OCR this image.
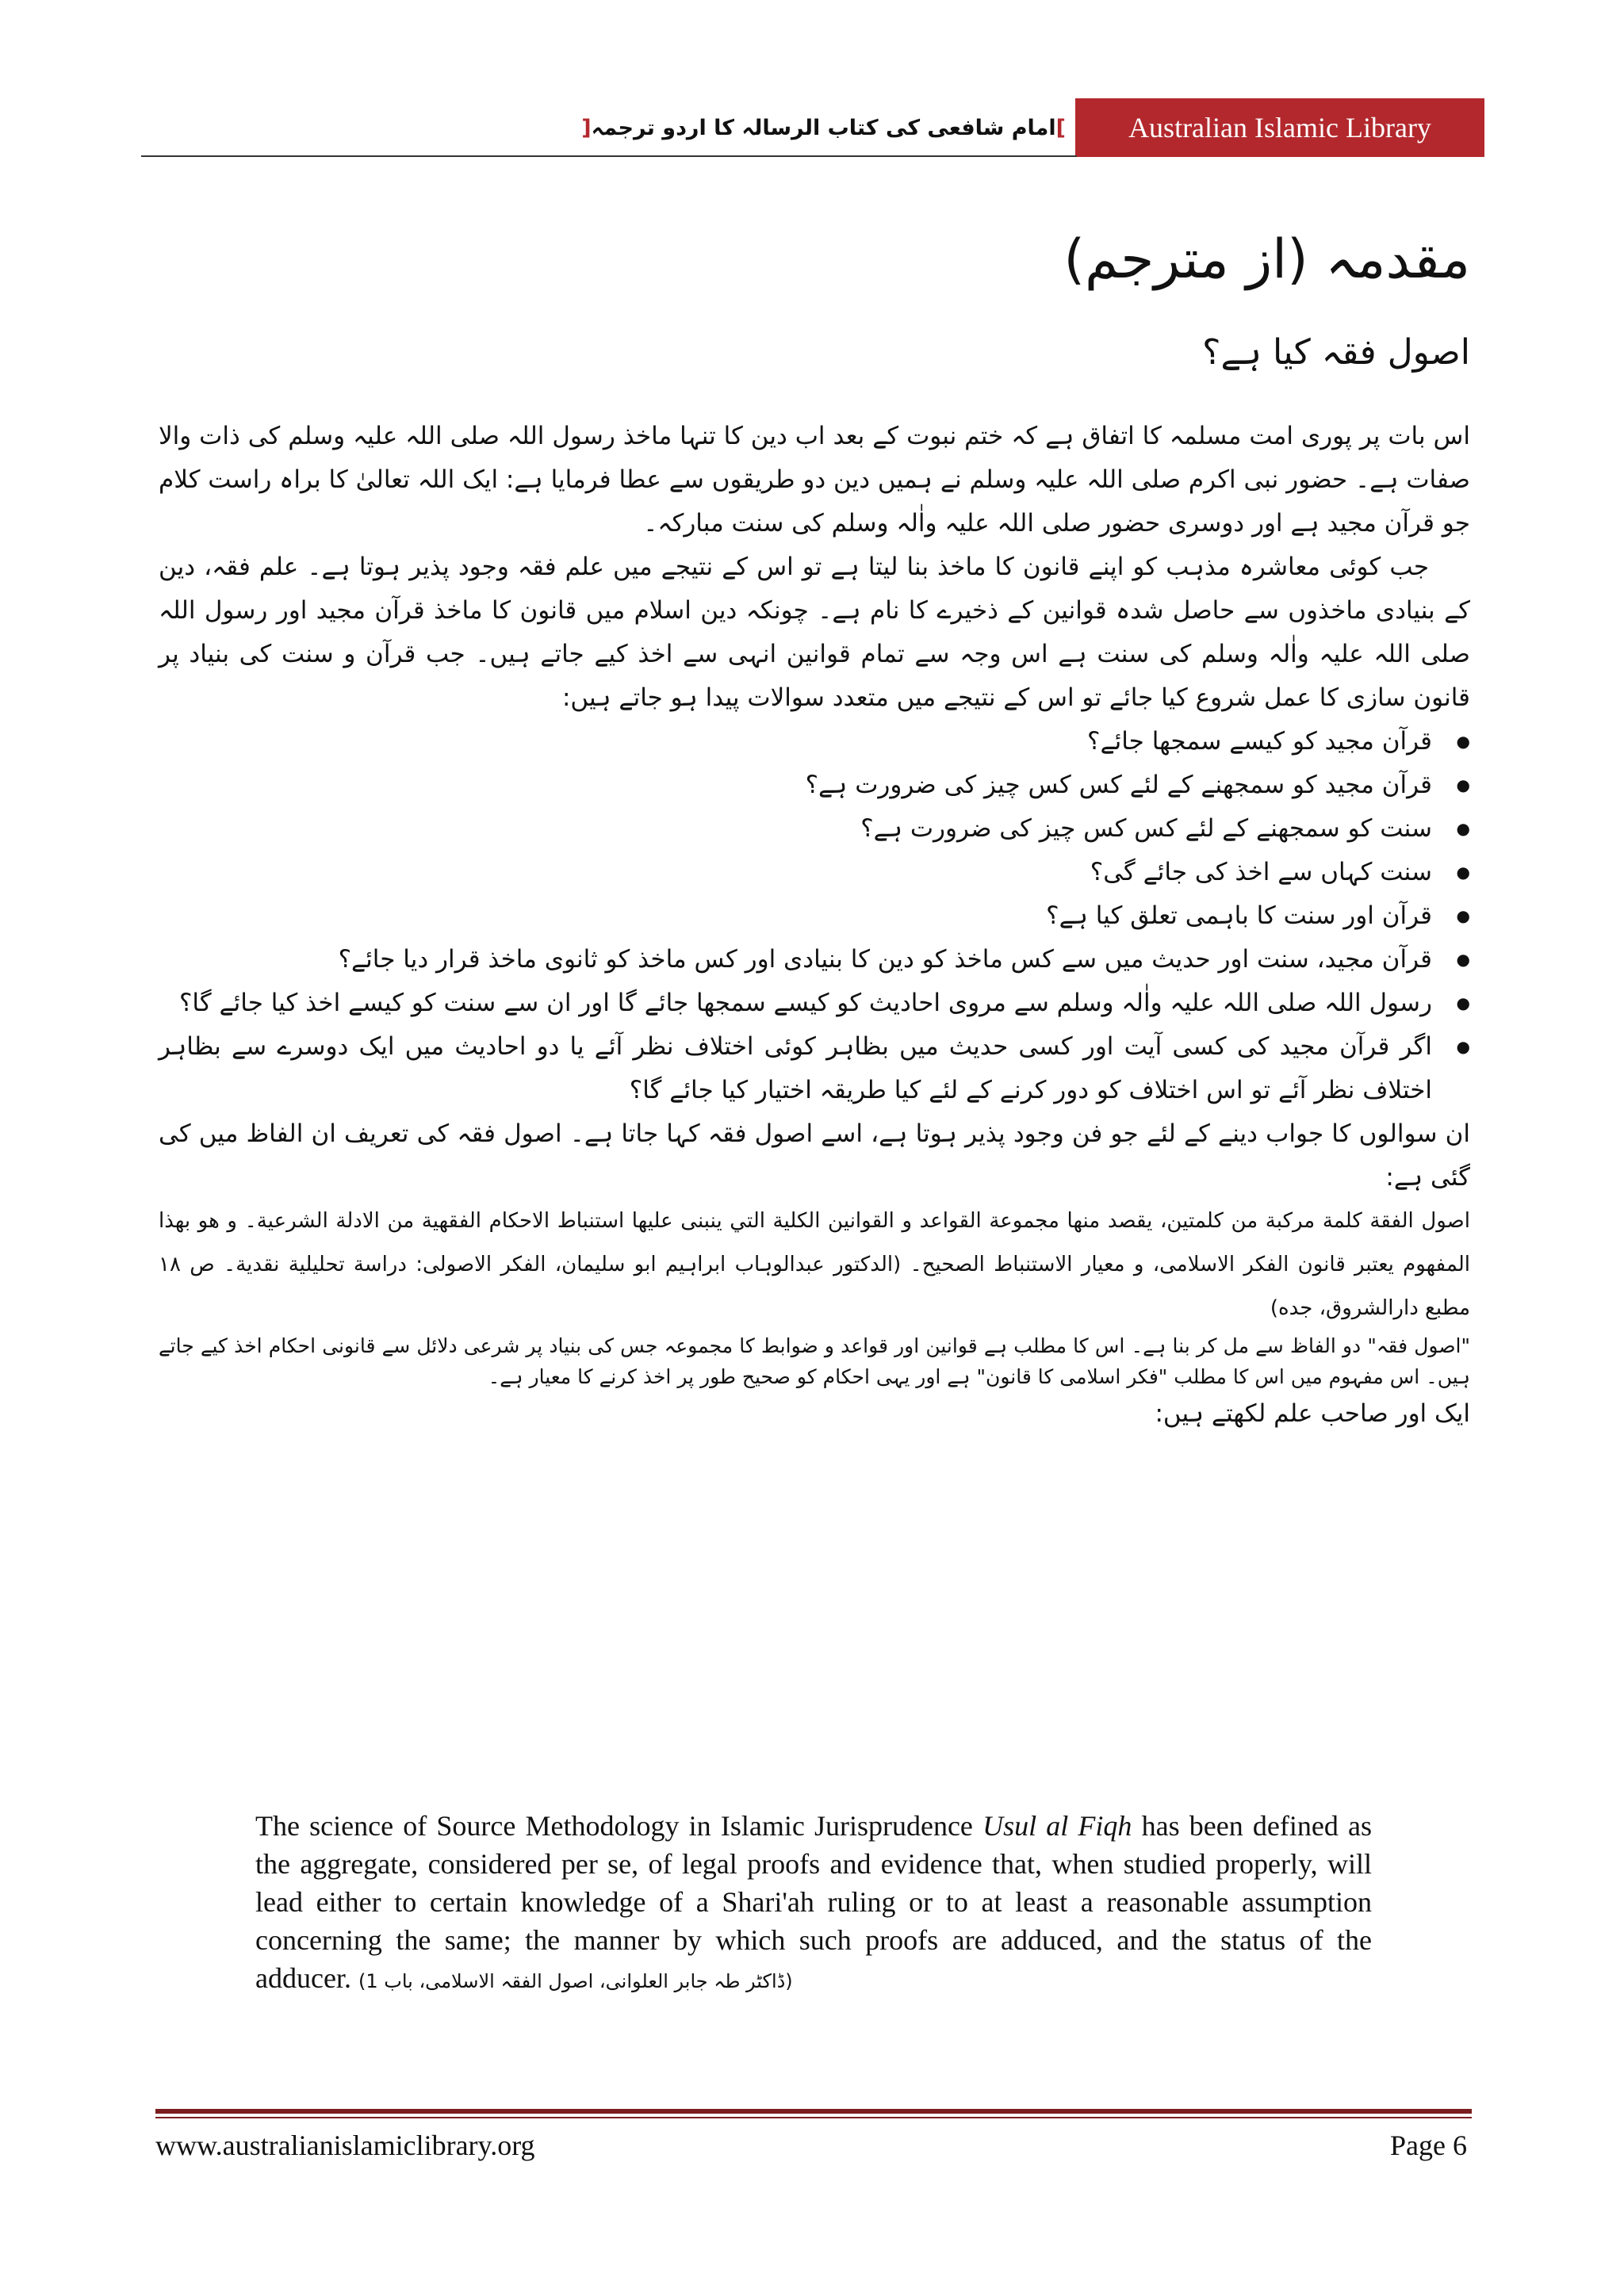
Australian Islamic Library
]
امام شافعی کی کتاب الرسالہ کا اردو ترجمہ
[
مقدمہ (از مترجم)
اصول فقہ کیا ہے؟

اس بات پر پوری امت مسلمہ کا اتفاق ہے کہ ختم نبوت کے بعد اب دین کا تنہا ماخذ رسول اللہ صلی اللہ علیہ وسلم کی ذات والا صفات ہے۔ حضور نبی اکرم صلی اللہ علیہ وسلم نے ہمیں دین دو طریقوں سے عطا فرمایا ہے: ایک اللہ تعالیٰ کا براہ راست کلام جو قرآن مجید ہے اور دوسری حضور صلی اللہ علیہ واٰلہ وسلم کی سنت مبارکہ۔

جب کوئی معاشرہ مذہب کو اپنے قانون کا ماخذ بنا لیتا ہے تو اس کے نتیجے میں علم فقہ وجود پذیر ہوتا ہے۔ علم فقہ، دین کے بنیادی ماخذوں سے حاصل شدہ قوانین کے ذخیرے کا نام ہے۔ چونکہ دین اسلام میں قانون کا ماخذ قرآن مجید اور رسول اللہ صلی اللہ علیہ واٰلہ وسلم کی سنت ہے اس وجہ سے تمام قوانین انہی سے اخذ کیے جاتے ہیں۔ جب قرآن و سنت کی بنیاد پر قانون سازی کا عمل شروع کیا جائے تو اس کے نتیجے میں متعدد سوالات پیدا ہو جاتے ہیں:

● قرآن مجید کو کیسے سمجھا جائے؟
● قرآن مجید کو سمجھنے کے لئے کس کس چیز کی ضرورت ہے؟
● سنت کو سمجھنے کے لئے کس کس چیز کی ضرورت ہے؟
● سنت کہاں سے اخذ کی جائے گی؟
● قرآن اور سنت کا باہمی تعلق کیا ہے؟
● قرآن مجید، سنت اور حدیث میں سے کس ماخذ کو دین کا بنیادی اور کس ماخذ کو ثانوی ماخذ قرار دیا جائے؟
● رسول اللہ صلی اللہ علیہ واٰلہ وسلم سے مروی احادیث کو کیسے سمجھا جائے گا اور ان سے سنت کو کیسے اخذ کیا جائے گا؟
● اگر قرآن مجید کی کسی آیت اور کسی حدیث میں بظاہر کوئی اختلاف نظر آئے یا دو احادیث میں ایک دوسرے سے بظاہر اختلاف نظر آئے تو اس اختلاف کو دور کرنے کے لئے کیا طریقہ اختیار کیا جائے گا؟

ان سوالوں کا جواب دینے کے لئے جو فن وجود پذیر ہوتا ہے، اسے اصول فقہ کہا جاتا ہے۔ اصول فقہ کی تعریف ان الفاظ میں کی گئی ہے:

اصول الفقة كلمة مركبة من كلمتين، يقصد منها مجموعة القواعد و القوانين الكلية التي ينبنى عليها استنباط الاحكام الفقهية من الادلة الشرعية۔ و هو بهذا المفهوم يعتبر قانون الفكر الاسلامى، و معيار الاستنباط الصحيح۔ (الدكتور عبدالوہاب ابراہیم ابو سليمان، الفكر الاصولى: دراسة تحليلية نقدية۔ ص ١٨ مطبع دارالشروق، جده)

"اصول فقہ" دو الفاظ سے مل کر بنا ہے۔ اس کا مطلب ہے قوانین اور قواعد و ضوابط کا مجموعہ جس کی بنیاد پر شرعی دلائل سے قانونی احکام اخذ کیے جاتے ہیں۔ اس مفہوم میں اس کا مطلب "فکر اسلامی کا قانون" ہے اور یہی احکام کو صحیح طور پر اخذ کرنے کا معیار ہے۔

ایک اور صاحب علم لکھتے ہیں:

The science of Source Methodology in Islamic Jurisprudence Usul al Fiqh has been defined as the aggregate, considered per se, of legal proofs and evidence that, when studied properly, will lead either to certain knowledge of a Shari'ah ruling or to at least a reasonable assumption concerning the same; the manner by which such proofs are adduced, and the status of the adducer. (ڈاکٹر طہ جابر العلوانی، اصول الفقہ الاسلامی، باب 1)
www.australianislamiclibrary.org	Page 6
